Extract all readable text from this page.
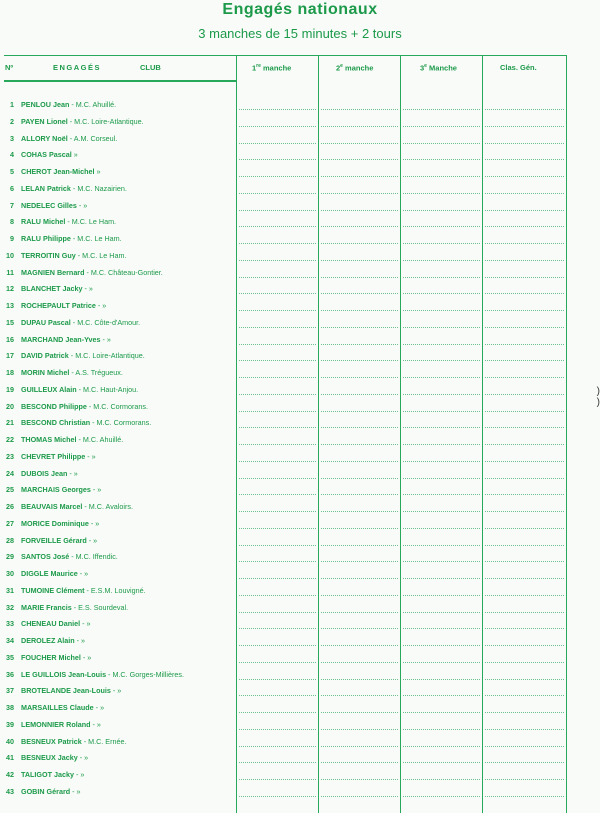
Engagés nationaux
3 manches de 15 minutes + 2 tours
Nº	ENGAGÉS	CLUB	1re manche	2e manche	3e Manche	Clas. Gén.
1 PENLOU Jean - M.C. Ahuillé.
2 PAYEN Lionel - M.C. Loire-Atlantique.
3 ALLORY Noël - A.M. Corseul.
4 COHAS Pascal »
5 CHEROT Jean-Michel »
6 LELAN Patrick - M.C. Nazairien.
7 NEDELEC Gilles - »
8 RALU Michel - M.C. Le Ham.
9 RALU Philippe - M.C. Le Ham.
10 TERROITIN Guy - M.C. Le Ham.
11 MAGNIEN Bernard - M.C. Château-Gontier.
12 BLANCHET Jacky - »
13 ROCHEPAULT Patrice - »
15 DUPAU Pascal - M.C. Côte-d'Amour.
16 MARCHAND Jean-Yves - »
17 DAVID Patrick - M.C. Loire-Atlantique.
18 MORIN Michel - A.S. Trégueux.
19 GUILLEUX Alain - M.C. Haut-Anjou.
20 BESCOND Philippe - M.C. Cormorans.
21 BESCOND Christian - M.C. Cormorans.
22 THOMAS Michel - M.C. Ahuillé.
23 CHEVRET Philippe - »
24 DUBOIS Jean - »
25 MARCHAIS Georges - »
26 BEAUVAIS Marcel - M.C. Avaloirs.
27 MORICE Dominique - »
28 FORVEILLE Gérard - »
29 SANTOS José - M.C. Iffendic.
30 DIGGLE Maurice - »
31 TUMOINE Clément - E.S.M. Louvigné.
32 MARIE Francis - E.S. Sourdeval.
33 CHENEAU Daniel - »
34 DEROLEZ Alain - »
35 FOUCHER Michel - »
36 LE GUILLOIS Jean-Louis - M.C. Gorges-Millières.
37 BROTELANDE Jean-Louis - »
38 MARSAILLES Claude - »
39 LEMONNIER Roland - »
40 BESNEUX Patrick - M.C. Ernée.
41 BESNEUX Jacky - »
42 TALIGOT Jacky - »
43 GOBIN Gérard - »
)
)
